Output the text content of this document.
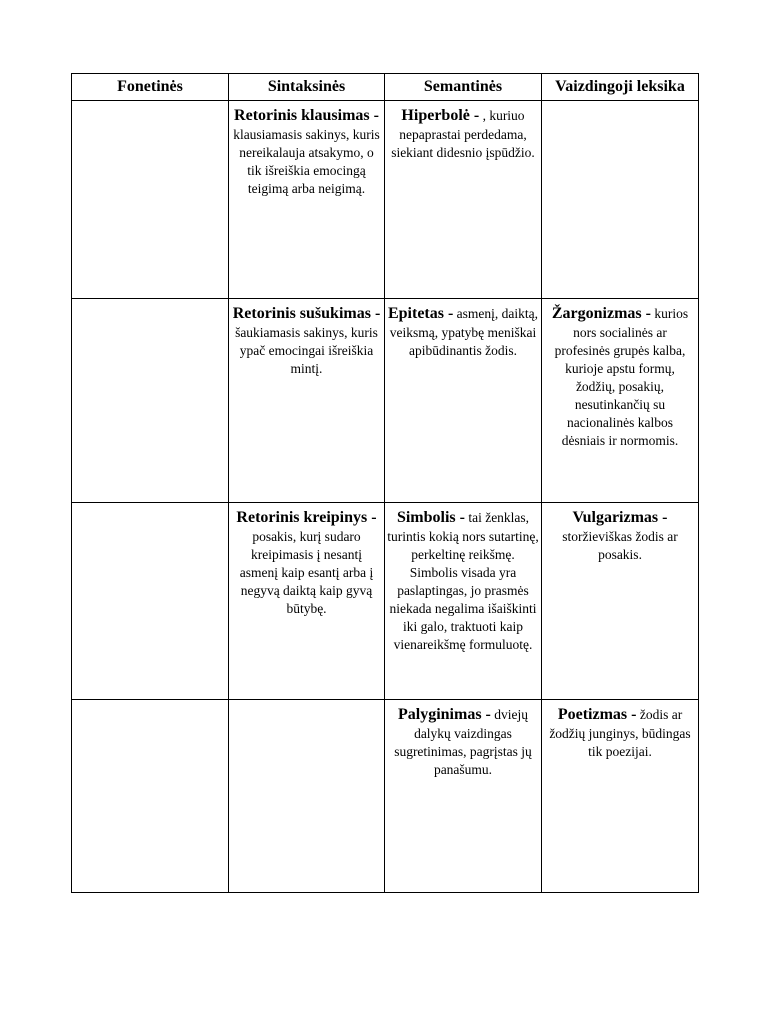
Fonetinės	Sintaksinės	Semantinės	Vaizdingoji leksika

	Retorinis klausimas - klausiamasis sakinys, kuris nereikalauja atsakymo, o tik išreiškia emocingą teigimą arba neigimą.	Hiperbolė - , kuriuo nepaprastai perdedama, siekiant didesnio įspūdžio.	

	Retorinis sušukimas - šaukiamasis sakinys, kuris ypač emocingai išreiškia mintį.	Epitetas - asmenį, daiktą, veiksmą, ypatybę meniškai apibūdinantis žodis.	Žargonizmas - kurios nors socialinės ar profesinės grupės kalba, kurioje apstu formų, žodžių, posakių, nesutinkančių su nacionalinės kalbos dėsniais ir normomis.

	Retorinis kreipinys - posakis, kurį sudaro kreipimasis į nesantį asmenį kaip esantį arba į negyvą daiktą kaip gyvą būtybę.	Simbolis - tai ženklas, turintis kokią nors sutartinę, perkeltinę reikšmę. Simbolis visada yra paslaptingas, jo prasmės niekada negalima išaiškinti iki galo, traktuoti kaip vienareikšmę formuluotę.	Vulgarizmas - storžieviškas žodis ar posakis.

		Palyginimas - dviejų dalykų vaizdingas sugretinimas, pagrįstas jų panašumu.	Poetizmas - žodis ar žodžių junginys, būdingas tik poezijai.
